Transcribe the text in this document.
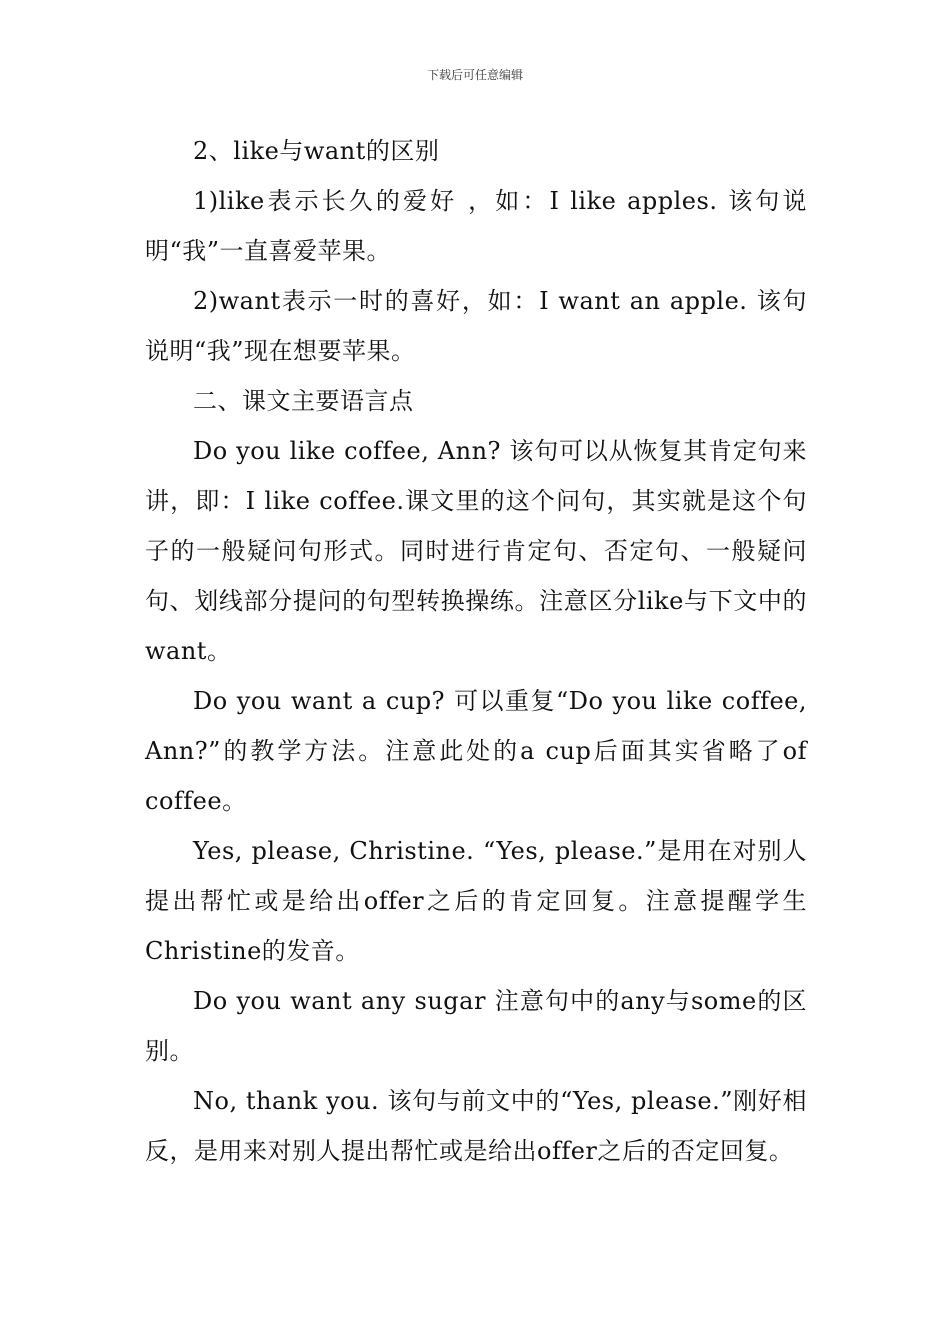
下载后可任意编辑

2、like与want的区别

1)like表示长久的爱好 ，如：I like apples. 该句说明“我”一直喜爱苹果。

2)want表示一时的喜好，如：I want an apple. 该句说明“我”现在想要苹果。

二、课文主要语言点

Do you like coffee, Ann? 该句可以从恢复其肯定句来讲，即：I like coffee.课文里的这个问句，其实就是这个句子的一般疑问句形式。同时进行肯定句、否定句、一般疑问句、划线部分提问的句型转换操练。注意区分like与下文中的want。

Do you want a cup? 可以重复“Do you like coffee, Ann?”的教学方法。注意此处的a cup后面其实省略了of coffee。

Yes, please, Christine. “Yes, please.”是用在对别人提出帮忙或是给出offer之后的肯定回复。注意提醒学生Christine的发音。

Do you want any sugar 注意句中的any与some的区别。

No, thank you. 该句与前文中的“Yes, please.”刚好相反，是用来对别人提出帮忙或是给出offer之后的否定回复。
